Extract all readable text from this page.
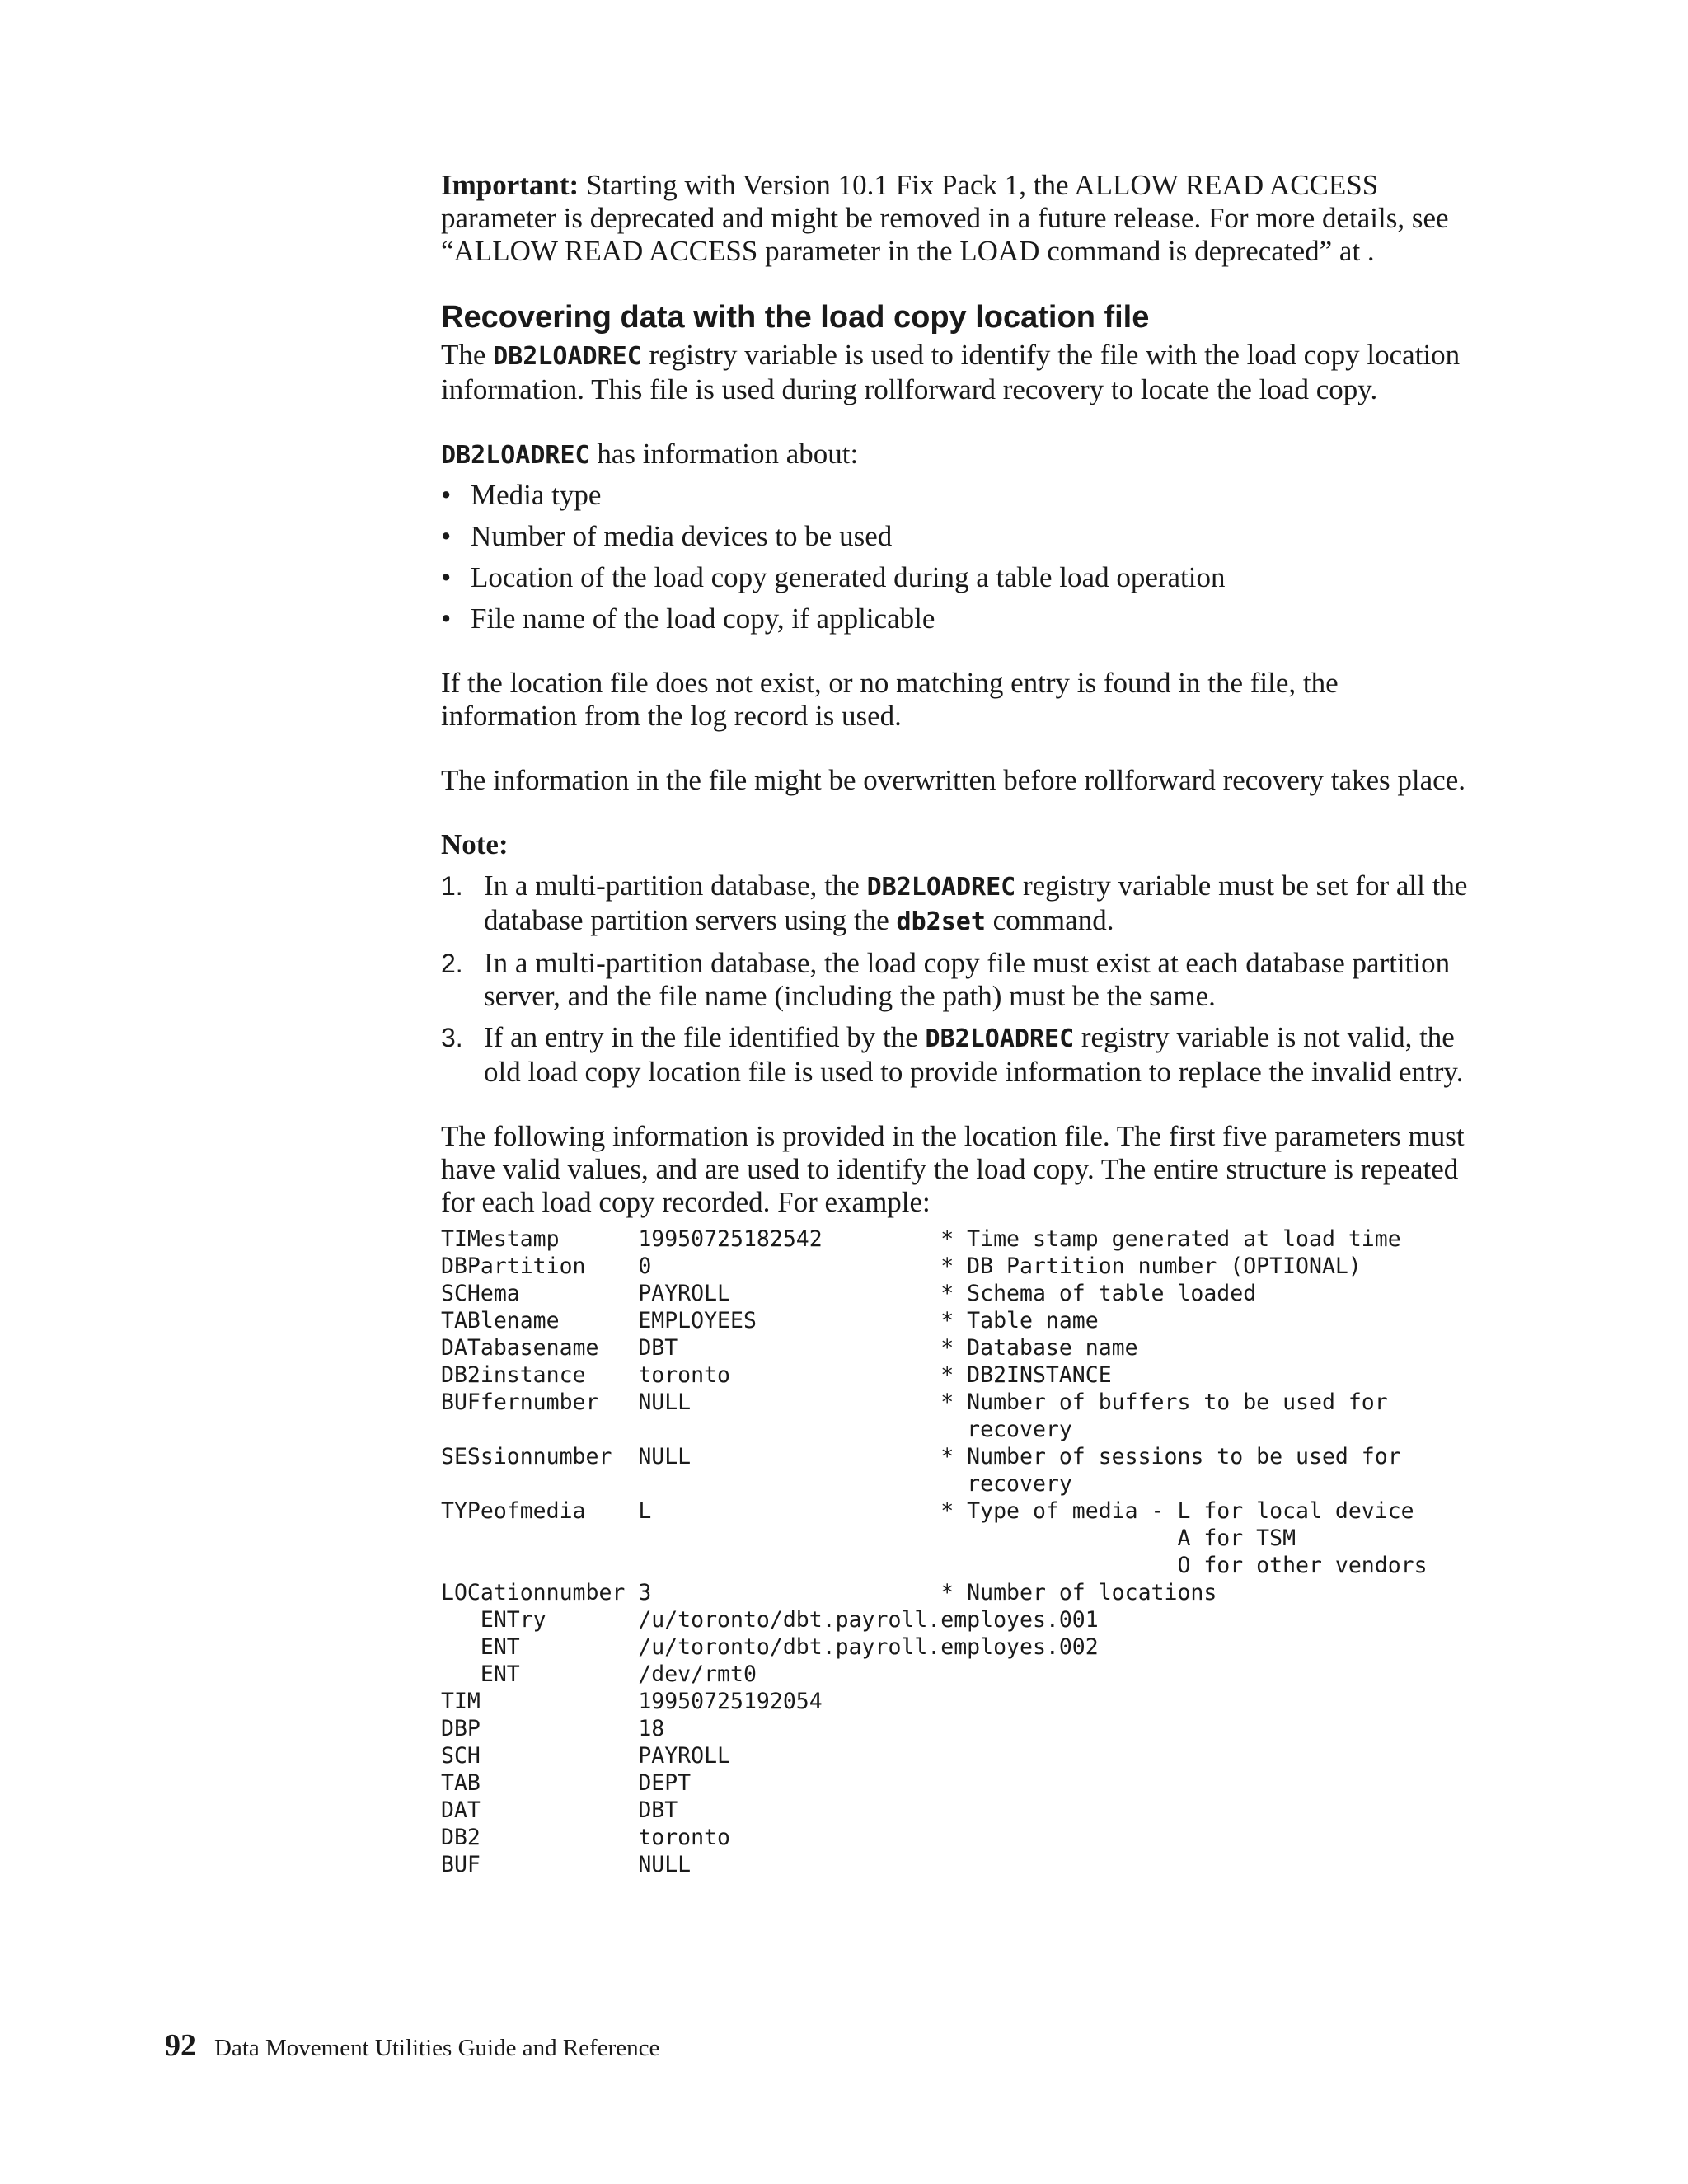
Important: Starting with Version 10.1 Fix Pack 1, the ALLOW READ ACCESS parameter is deprecated and might be removed in a future release. For more details, see “ALLOW READ ACCESS parameter in the LOAD command is deprecated” at .

Recovering data with the load copy location file

The DB2LOADREC registry variable is used to identify the file with the load copy location information. This file is used during rollforward recovery to locate the load copy.

DB2LOADREC has information about:

• Media type
• Number of media devices to be used
• Location of the load copy generated during a table load operation
• File name of the load copy, if applicable

If the location file does not exist, or no matching entry is found in the file, the information from the log record is used.

The information in the file might be overwritten before rollforward recovery takes place.

Note:

1. In a multi-partition database, the DB2LOADREC registry variable must be set for all the database partition servers using the db2set command.
2. In a multi-partition database, the load copy file must exist at each database partition server, and the file name (including the path) must be the same.
3. If an entry in the file identified by the DB2LOADREC registry variable is not valid, the old load copy location file is used to provide information to replace the invalid entry.

The following information is provided in the location file. The first five parameters must have valid values, and are used to identify the load copy. The entire structure is repeated for each load copy recorded. For example:

TIMestamp      19950725182542         * Time stamp generated at load time
DBPartition    0                      * DB Partition number (OPTIONAL)
SCHema         PAYROLL                * Schema of table loaded
TABlename      EMPLOYEES              * Table name
DATabasename   DBT                    * Database name
DB2instance    toronto                * DB2INSTANCE
BUFfernumber   NULL                   * Number of buffers to be used for
recovery
SESsionnumber  NULL                   * Number of sessions to be used for
recovery
TYPeofmedia    L                      * Type of media - L for local device
A for TSM
O for other vendors
LOCationnumber 3                      * Number of locations
ENTry       /u/toronto/dbt.payroll.employes.001
ENT         /u/toronto/dbt.payroll.employes.002
ENT         /dev/rmt0
TIM            19950725192054
DBP            18
SCH            PAYROLL
TAB            DEPT
DAT            DBT
DB2            toronto
BUF            NULL

92 Data Movement Utilities Guide and Reference
